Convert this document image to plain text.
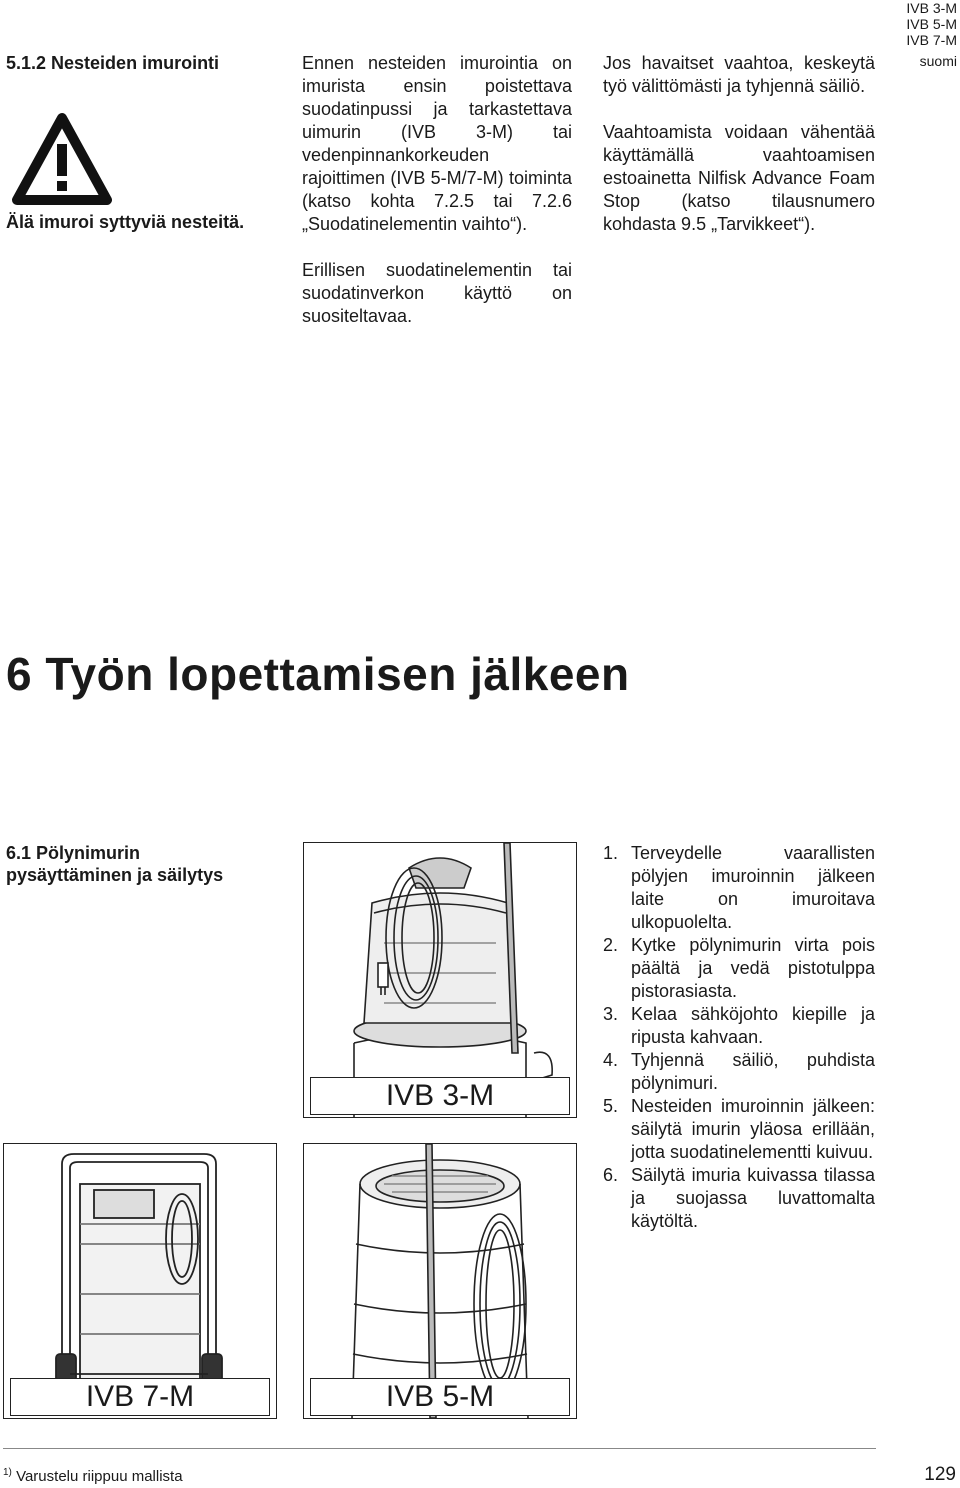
IVB 3-M
IVB 5-M
IVB 7-M
suomi
5.1.2 Nesteiden imurointi
Älä imuroi syttyviä nesteitä.

Ennen nesteiden imurointia on imurista ensin poistettava suodatinpussi ja tarkastettava uimurin (IVB 3-M) tai vedenpinnankorkeuden rajoittimen (IVB 5-M/7-M) toiminta (katso kohta 7.2.5 tai 7.2.6 „Suodatinelementin vaihto“).

Erillisen suodatinelementin tai suodatinverkon käyttö on suositeltavaa.

Jos havaitset vaahtoa, keskeytä työ välittömästi ja tyhjennä säiliö.

Vaahtoamista voidaan vähentää käyttämällä vaahtoamisen estoainetta Nilfisk Advance Foam Stop (katso tilausnumero kohdasta 9.5 „Tarvikkeet“).

6 Työn lopettamisen jälkeen
6.1 Pölynimurin pysäyttäminen ja säilytys
1. Terveydelle vaarallisten pölyjen imuroinnin jälkeen laite on imuroitava ulkopuolelta.
2. Kytke pölynimurin virta pois päältä ja vedä pistotulppa pistorasiasta.
3. Kelaa sähköjohto kiepille ja ripusta kahvaan.
4. Tyhjennä säiliö, puhdista pölynimuri.
5. Nesteiden imuroinnin jälkeen: säilytä imurin yläosa erillään, jotta suodatinelementti kuivuu.
6. Säilytä imuria kuivassa tilassa ja suojassa luvattomalta käytöltä.
IVB 3-M
IVB 7-M	IVB 5-M
$^{1)}$ Varustelu riippuu mallista	129
